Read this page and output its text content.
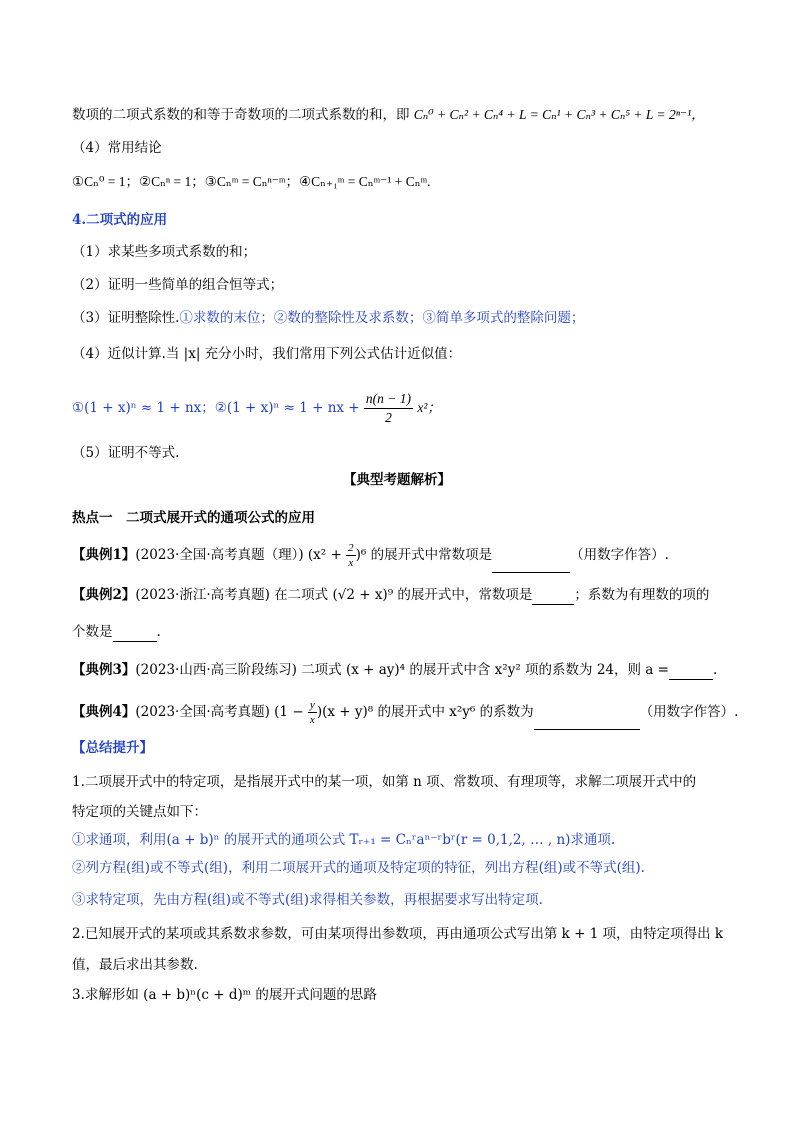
数项的二项式系数的和等于奇数项的二项式系数的和，即 Cₙ⁰ + Cₙ² + Cₙ⁴ + L = Cₙ¹ + Cₙ³ + Cₙ⁵ + L = 2ⁿ⁻¹，
（4）常用结论
①Cₙ⁰ = 1；②Cₙⁿ = 1；③Cₙᵐ = Cₙⁿ⁻ᵐ；④Cₙ₊₁ᵐ = Cₙᵐ⁻¹ + Cₙᵐ.
4.二项式的应用
（1）求某些多项式系数的和；
（2）证明一些简单的组合恒等式；
（3）证明整除性.①求数的末位；②数的整除性及求系数；③简单多项式的整除问题；
（4）近似计算.当 |x| 充分小时，我们常用下列公式估计近似值：
①(1 + x)ⁿ ≈ 1 + nx；②(1 + x)ⁿ ≈ 1 + nx + $\frac{n(n - 1)}{2} x^2$；
（5）证明不等式.
【典型考题解析】
热点一　二项式展开式的通项公式的应用
【典例1】(2023·全国·高考真题（理）) $(x^2 + \frac{2}{x} )^6$ 的展开式中常数项是	（用数字作答）.
【典例2】(2023·浙江·高考真题) 在二项式 (√2 + x)⁹ 的展开式中，常数项是	；系数为有理数的项的
个数是	.
【典例3】(2023·山西·高三阶段练习) 二项式 (x + ay)⁴ 的展开式中含 x²y² 项的系数为 24，则 a =	.
【典例4】(2023·全国·高考真题) $(1 - \frac{y}{x} )(x + y)^8$ 的展开式中 x²y⁶ 的系数为	（用数字作答）.
【总结提升】
1.二项展开式中的特定项，是指展开式中的某一项，如第 n 项、常数项、有理项等，求解二项展开式中的
特定项的关键点如下：
①求通项，利用(a + b)ⁿ 的展开式的通项公式 Tᵣ₊₁ = Cₙʳaⁿ⁻ʳbʳ(r = 0,1,2, … , n)求通项.
②列方程(组)或不等式(组)，利用二项展开式的通项及特定项的特征，列出方程(组)或不等式(组).
③求特定项，先由方程(组)或不等式(组)求得相关参数，再根据要求写出特定项.
2.已知展开式的某项或其系数求参数，可由某项得出参数项，再由通项公式写出第 k + 1 项，由特定项得出 k
值，最后求出其参数.
3.求解形如 (a + b)ⁿ(c + d)ᵐ 的展开式问题的思路
